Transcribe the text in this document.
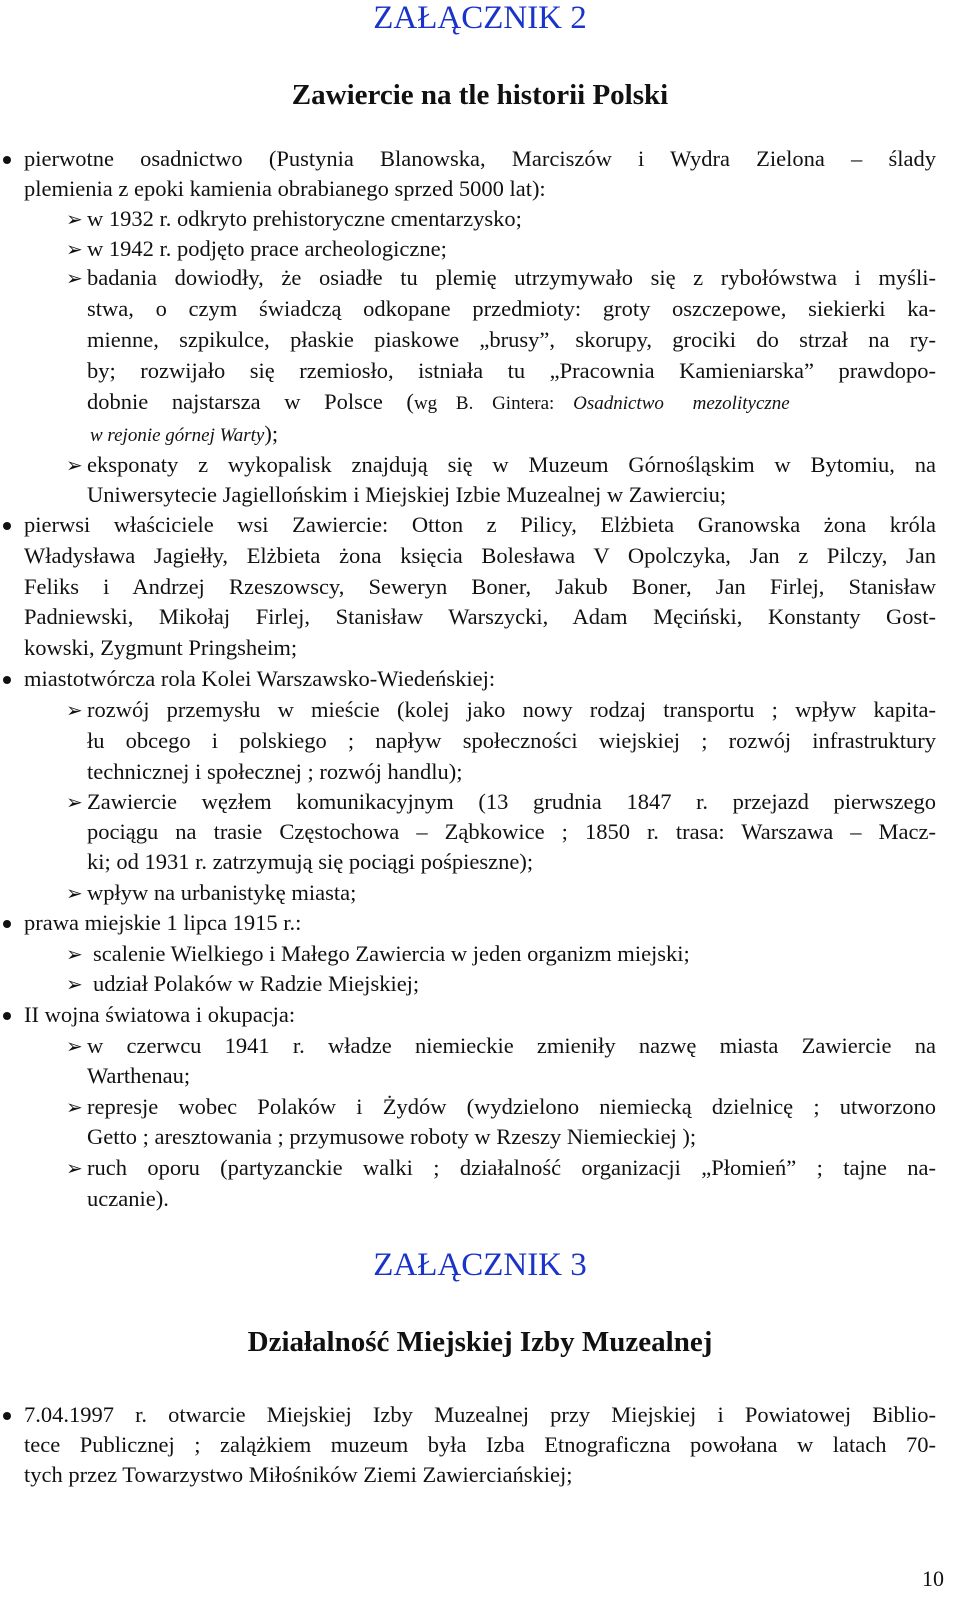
ZAŁĄCZNIK 2
Zawiercie na tle historii Polski

pierwotne osadnictwo (Pustynia Blanowska, Marciszów i Wydra Zielona – ślady

plemienia z epoki kamienia obrabianego sprzed 5000 lat):

➢ w 1932 r. odkryto prehistoryczne cmentarzysko;

➢ w 1942 r. podjęto prace archeologiczne;

➢ badania dowiodły, że osiadłe tu plemię utrzymywało się z rybołówstwa i myśli-

stwa, o czym świadczą odkopane przedmioty: groty oszczepowe, siekierki ka-

mienne, szpikulce, płaskie piaskowe „brusy”, skorupy, grociki do strzał na ry-

by; rozwijało się rzemiosło, istniała tu „Pracownia Kamieniarska” prawdopo-

dobnie najstarsza w Polsce (wg B. Gintera: Osadnictwo mezolityczne

w rejonie górnej Warty);

➢ eksponaty z wykopalisk znajdują się w Muzeum Górnośląskim w Bytomiu, na

Uniwersytecie Jagiellońskim i Miejskiej Izbie Muzealnej w Zawierciu;

pierwsi właściciele wsi Zawiercie: Otton z Pilicy, Elżbieta Granowska żona króla

Władysława Jagiełły, Elżbieta żona księcia Bolesława V Opolczyka, Jan z Pilczy, Jan

Feliks i Andrzej Rzeszowscy, Seweryn Boner, Jakub Boner, Jan Firlej, Stanisław

Padniewski, Mikołaj Firlej, Stanisław Warszycki, Adam Męciński, Konstanty Gost-

kowski, Zygmunt Pringsheim;

miastotwórcza rola Kolei Warszawsko-Wiedeńskiej:

➢ rozwój przemysłu w mieście (kolej jako nowy rodzaj transportu ; wpływ kapita-

łu obcego i polskiego ; napływ społeczności wiejskiej ; rozwój infrastruktury

technicznej i społecznej ; rozwój handlu);

➢ Zawiercie węzłem komunikacyjnym (13 grudnia 1847 r. przejazd pierwszego

pociągu na trasie Częstochowa – Ząbkowice ; 1850 r. trasa: Warszawa – Macz-

ki; od 1931 r. zatrzymują się pociągi pośpieszne);

➢ wpływ na urbanistykę miasta;

prawa miejskie 1 lipca 1915 r.:

➢ scalenie Wielkiego i Małego Zawiercia w jeden organizm miejski;

➢ udział Polaków w Radzie Miejskiej;

II wojna światowa i okupacja:

➢ w czerwcu 1941 r. władze niemieckie zmieniły nazwę miasta Zawiercie na

Warthenau;

➢ represje wobec Polaków i Żydów (wydzielono niemiecką dzielnicę ; utworzono

Getto ; aresztowania ; przymusowe roboty w Rzeszy Niemieckiej );

➢ ruch oporu (partyzanckie walki ; działalność organizacji „Płomień” ; tajne na-

uczanie).

ZAŁĄCZNIK 3
Działalność Miejskiej Izby Muzealnej

7.04.1997 r. otwarcie Miejskiej Izby Muzealnej przy Miejskiej i Powiatowej Biblio-

tece Publicznej ; zalążkiem muzeum była Izba Etnograficzna powołana w latach 70-

tych przez Towarzystwo Miłośników Ziemi Zawierciańskiej;

10
